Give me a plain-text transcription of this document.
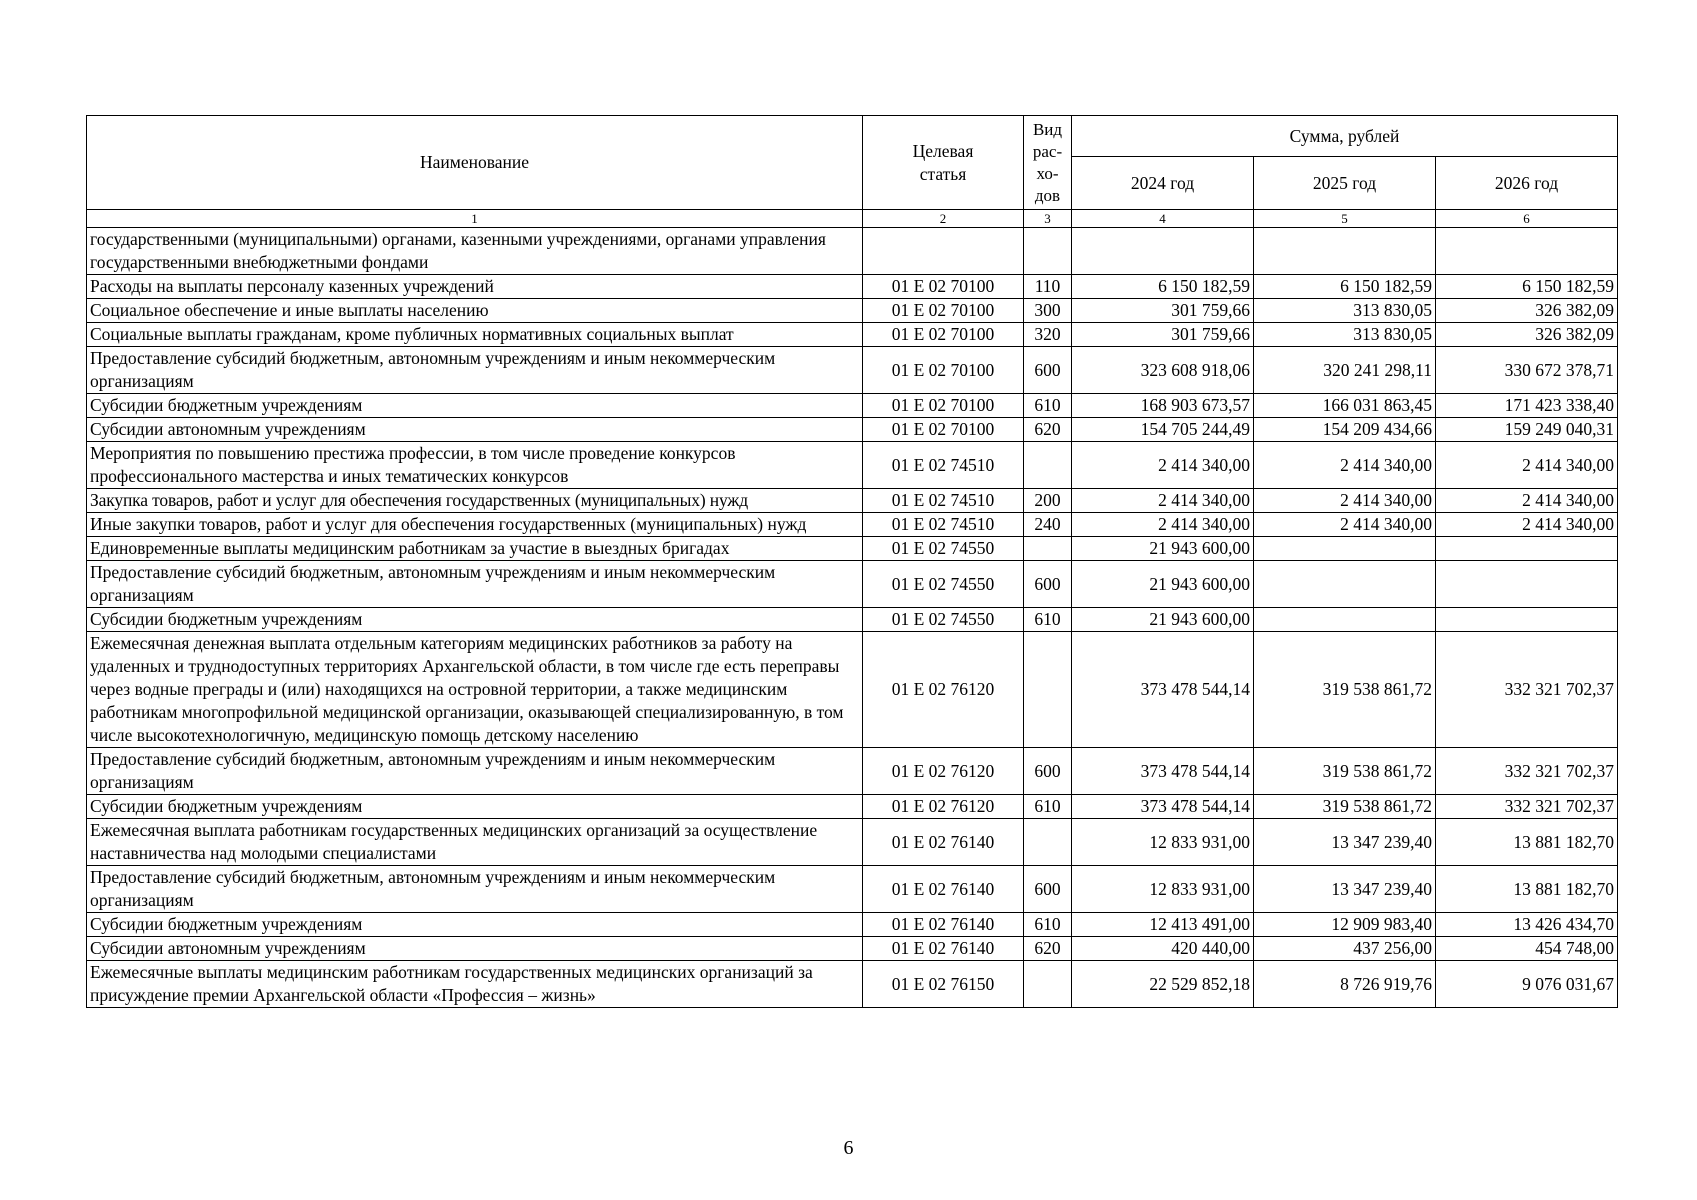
Наименование	Целевая статья	Вид рас-хо-дов	Сумма, рублей		
			2024 год	2025 год	2026 год
1	2	3	4	5	6
государственными (муниципальными) органами, казенными учреждениями, органами управления государственными внебюджетными фондами					
Расходы на выплаты персоналу казенных учреждений	01 Е 02 70100	110	6 150 182,59	6 150 182,59	6 150 182,59
Социальное обеспечение и иные выплаты населению	01 Е 02 70100	300	301 759,66	313 830,05	326 382,09
Социальные выплаты гражданам, кроме публичных нормативных социальных выплат	01 Е 02 70100	320	301 759,66	313 830,05	326 382,09
Предоставление субсидий бюджетным, автономным учреждениям и иным некоммерческим организациям	01 Е 02 70100	600	323 608 918,06	320 241 298,11	330 672 378,71
Субсидии бюджетным учреждениям	01 Е 02 70100	610	168 903 673,57	166 031 863,45	171 423 338,40
Субсидии автономным учреждениям	01 Е 02 70100	620	154 705 244,49	154 209 434,66	159 249 040,31
Мероприятия по повышению престижа профессии, в том числе проведение конкурсов профессионального мастерства и иных тематических конкурсов	01 Е 02 74510		2 414 340,00	2 414 340,00	2 414 340,00
Закупка товаров, работ и услуг для обеспечения государственных (муниципальных) нужд	01 Е 02 74510	200	2 414 340,00	2 414 340,00	2 414 340,00
Иные закупки товаров, работ и услуг для обеспечения государственных (муниципальных) нужд	01 Е 02 74510	240	2 414 340,00	2 414 340,00	2 414 340,00
Единовременные выплаты медицинским работникам за участие в выездных бригадах	01 Е 02 74550		21 943 600,00		
Предоставление субсидий бюджетным, автономным учреждениям и иным некоммерческим организациям	01 Е 02 74550	600	21 943 600,00		
Субсидии бюджетным учреждениям	01 Е 02 74550	610	21 943 600,00		
Ежемесячная денежная выплата отдельным категориям медицинских работников за работу на удаленных и труднодоступных территориях Архангельской области, в том числе где есть переправы через водные преграды и (или) находящихся на островной территории, а также медицинским работникам многопрофильной медицинской организации, оказывающей специализированную, в том числе высокотехнологичную, медицинскую помощь детскому населению	01 Е 02 76120		373 478 544,14	319 538 861,72	332 321 702,37
Предоставление субсидий бюджетным, автономным учреждениям и иным некоммерческим организациям	01 Е 02 76120	600	373 478 544,14	319 538 861,72	332 321 702,37
Субсидии бюджетным учреждениям	01 Е 02 76120	610	373 478 544,14	319 538 861,72	332 321 702,37
Ежемесячная выплата работникам государственных медицинских организаций за осуществление наставничества над молодыми специалистами	01 Е 02 76140		12 833 931,00	13 347 239,40	13 881 182,70
Предоставление субсидий бюджетным, автономным учреждениям и иным некоммерческим организациям	01 Е 02 76140	600	12 833 931,00	13 347 239,40	13 881 182,70
Субсидии бюджетным учреждениям	01 Е 02 76140	610	12 413 491,00	12 909 983,40	13 426 434,70
Субсидии автономным учреждениям	01 Е 02 76140	620	420 440,00	437 256,00	454 748,00
Ежемесячные выплаты медицинским работникам государственных медицинских организаций за присуждение премии Архангельской области «Профессия – жизнь»	01 Е 02 76150		22 529 852,18	8 726 919,76	9 076 031,67
6
